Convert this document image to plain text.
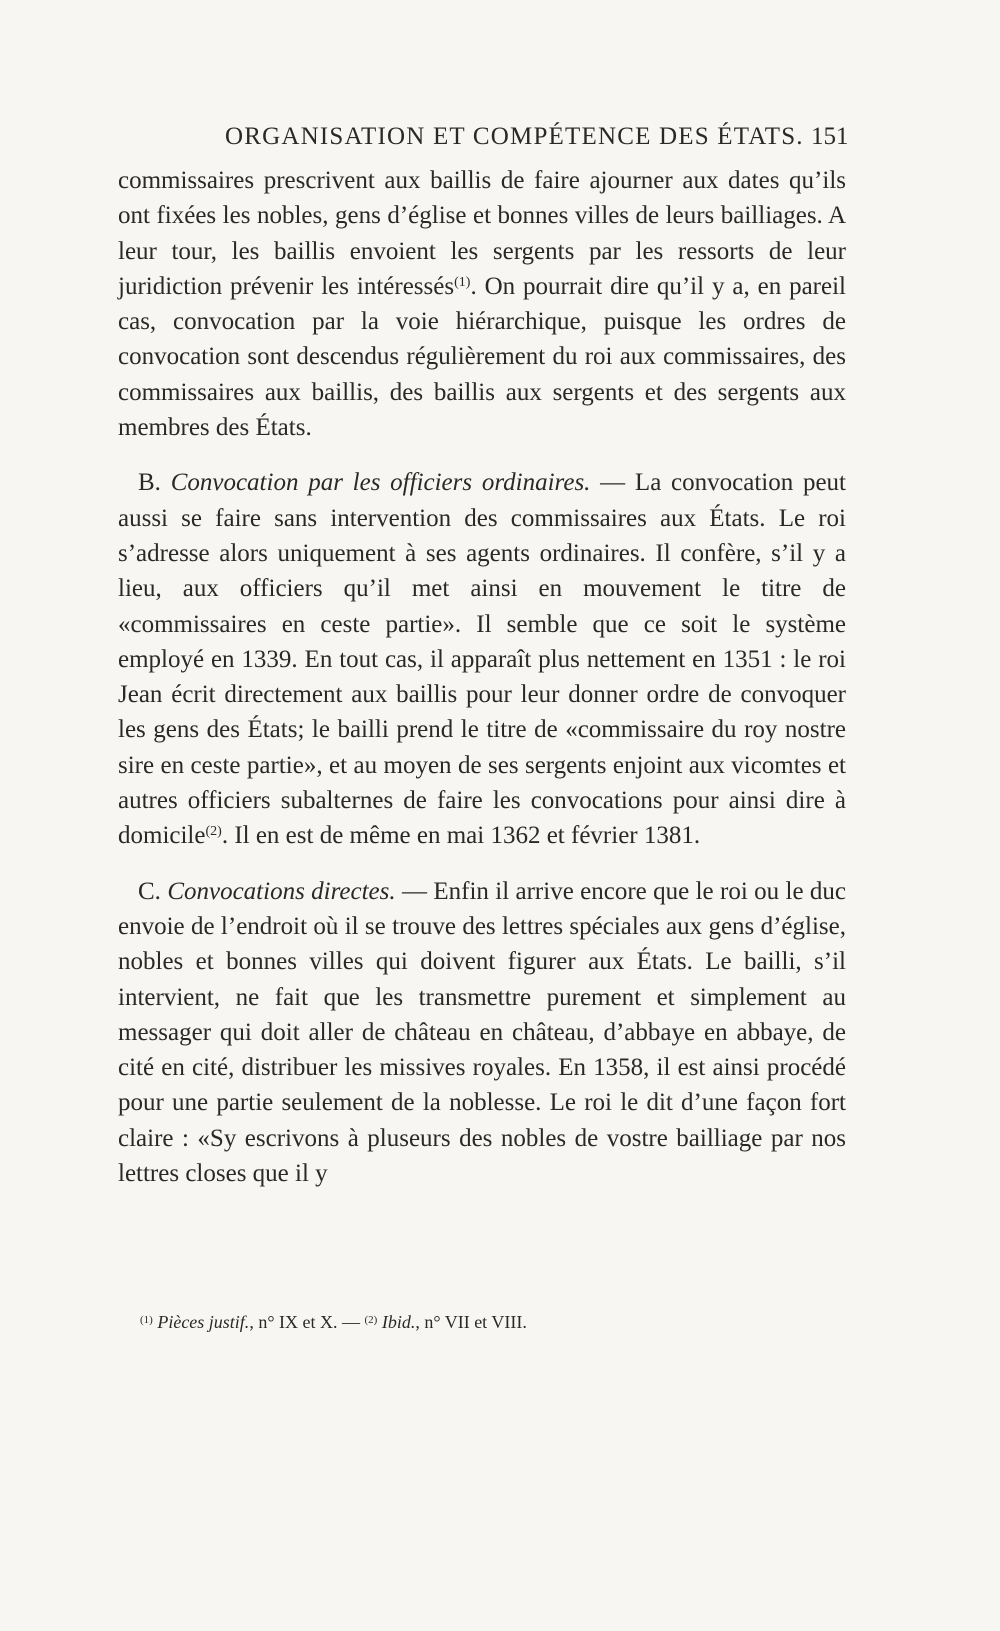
ORGANISATION ET COMPÉTENCE DES ÉTATS. 151

commissaires prescrivent aux baillis de faire ajourner aux dates qu’ils ont fixées les nobles, gens d’église et bonnes villes de leurs bailliages. A leur tour, les baillis envoient les sergents par les ressorts de leur juridiction prévenir les intéressés$^{(1)}$. On pourrait dire qu’il y a, en pareil cas, convocation par la voie hiérarchique, puisque les ordres de convocation sont descendus régulièrement du roi aux commissaires, des commissaires aux baillis, des baillis aux sergents et des sergents aux membres des États.

B. Convocation par les officiers ordinaires. — La convocation peut aussi se faire sans intervention des commissaires aux États. Le roi s’adresse alors uniquement à ses agents ordinaires. Il confère, s’il y a lieu, aux officiers qu’il met ainsi en mouvement le titre de «commissaires en ceste partie». Il semble que ce soit le système employé en 1339. En tout cas, il apparaît plus nettement en 1351 : le roi Jean écrit directement aux baillis pour leur donner ordre de convoquer les gens des États; le bailli prend le titre de «commissaire du roy nostre sire en ceste partie», et au moyen de ses sergents enjoint aux vicomtes et autres officiers subalternes de faire les convocations pour ainsi dire à domicile$^{(2)}$. Il en est de même en mai 1362 et février 1381.

C. Convocations directes. — Enfin il arrive encore que le roi ou le duc envoie de l’endroit où il se trouve des lettres spéciales aux gens d’église, nobles et bonnes villes qui doivent figurer aux États. Le bailli, s’il intervient, ne fait que les transmettre purement et simplement au messager qui doit aller de château en château, d’abbaye en abbaye, de cité en cité, distribuer les missives royales. En 1358, il est ainsi procédé pour une partie seulement de la noblesse. Le roi le dit d’une façon fort claire : «Sy escrivons à pluseurs des nobles de vostre bailliage par nos lettres closes que il y

$^{(1)}$ Pièces justif., n° IX et X. — $^{(2)}$ Ibid., n° VII et VIII.
